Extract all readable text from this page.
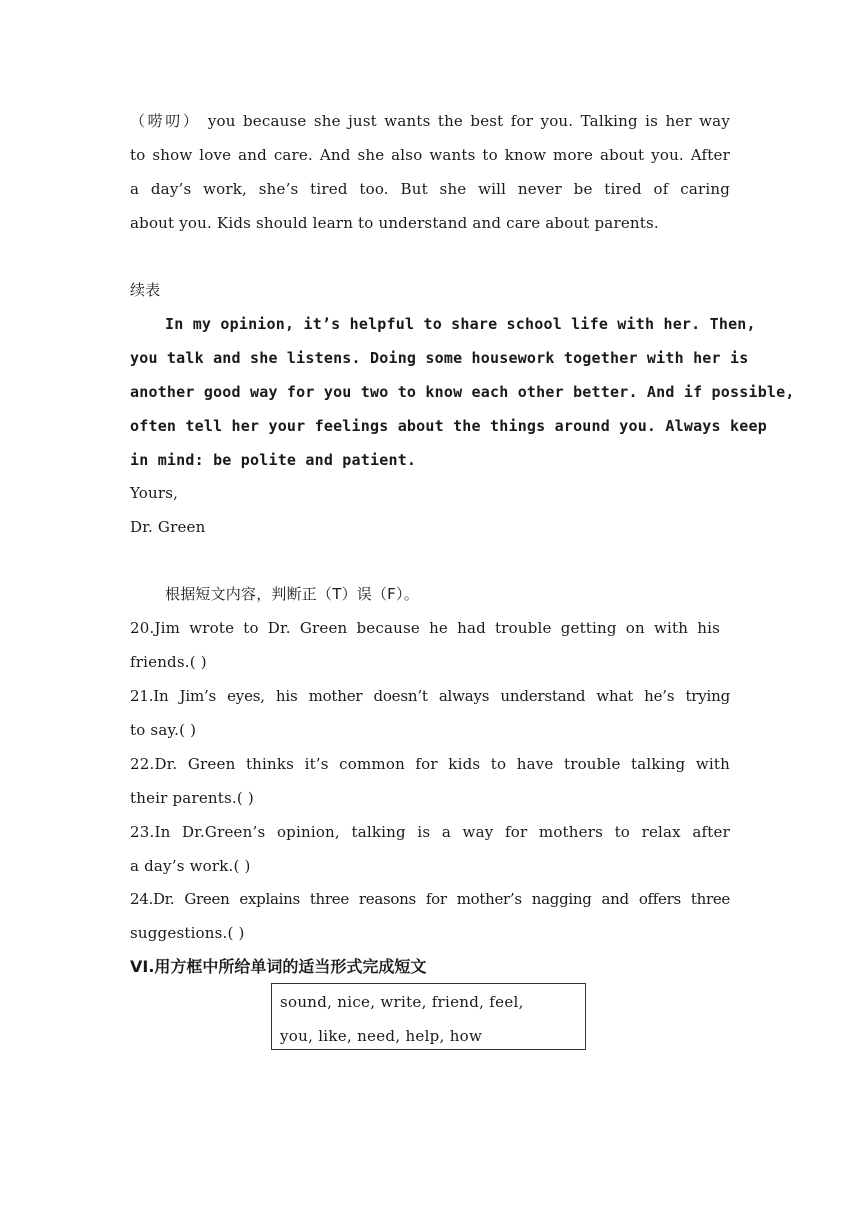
（唠叨） you because she just wants the best for you. Talking is her way
to show love and care. And she also wants to know more about you. After
a day’s work, she’s tired too. But she will never be tired of caring
about you. Kids should learn to understand and care about parents.
续表
In my opinion, it’s helpful to share school life with her. Then,
you talk and she listens. Doing some housework together with her is
another good way for you two to know each other better. And if possible,
often tell her your feelings about the things around you. Always keep
in mind: be polite and patient.
Yours,
Dr. Green
根据短文内容，判断正（T）误（F）。
20.Jim wrote to Dr. Green because he had trouble getting on with his
friends.( )
21.In Jim’s eyes, his mother doesn’t always understand what he’s trying
to say.( )
22.Dr. Green thinks it’s common for kids to have trouble talking with
their parents.( )
23.In Dr.Green’s opinion, talking is a way for mothers to relax after
a day’s work.( )
24.Dr. Green explains three reasons for mother’s nagging and offers three
suggestions.( )
VI.用方框中所给单词的适当形式完成短文
sound, nice, write, friend, feel,
you, like, need, help, how
